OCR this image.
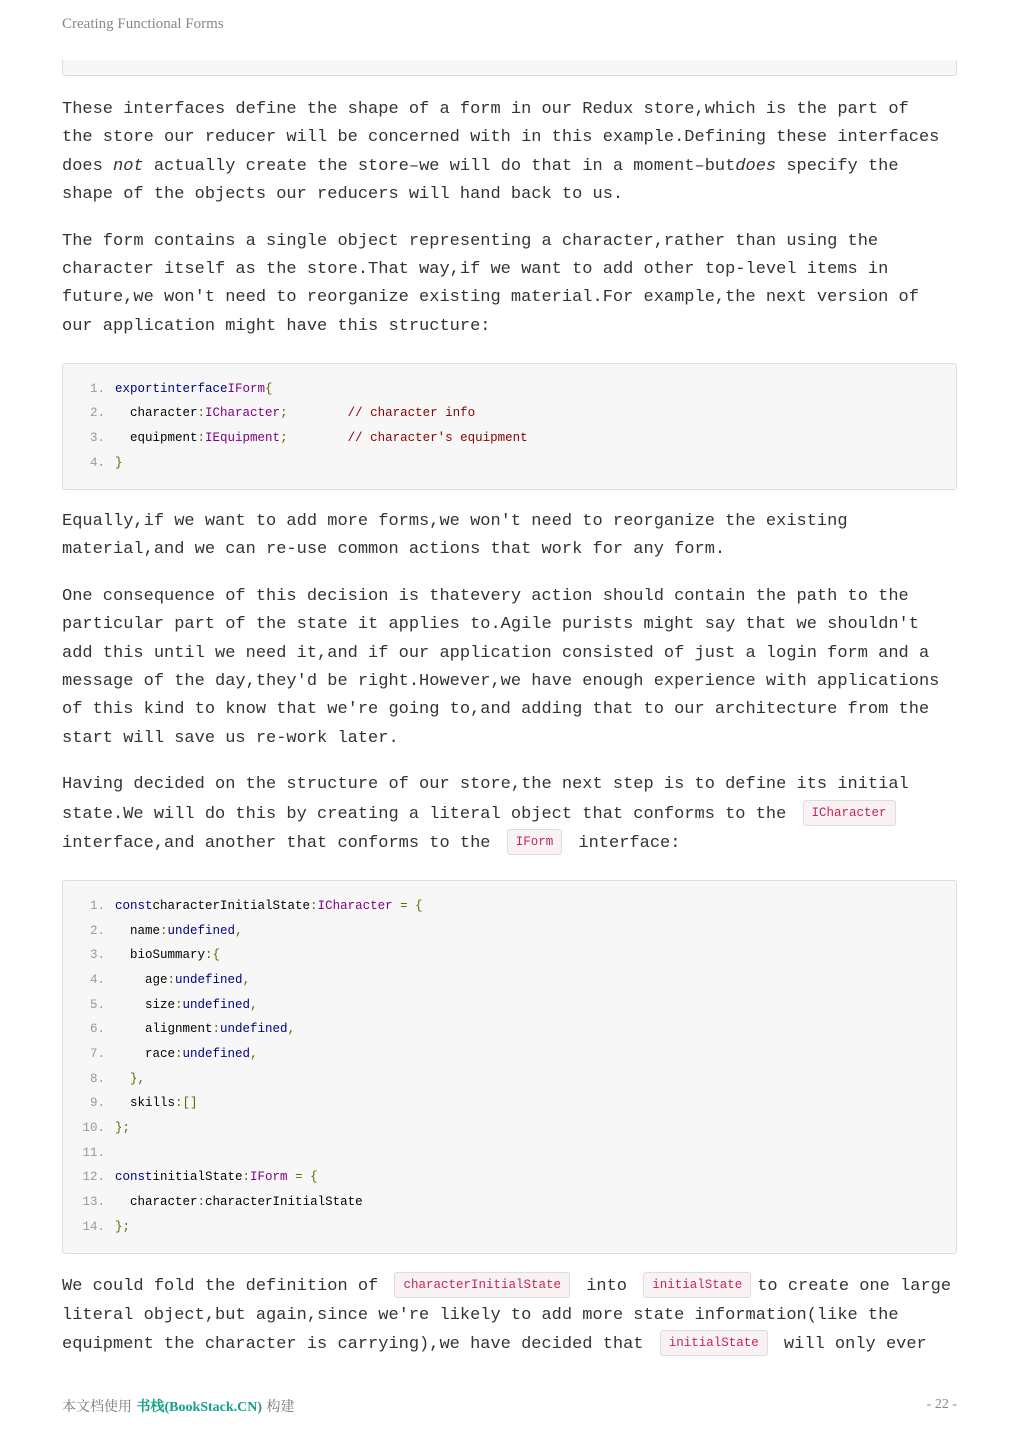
Creating Functional Forms

These interfaces define the shape of a form in our Redux store,which is the part of
the store our reducer will be concerned with in this example.Defining these interfaces
does not actually create the store–we will do that in a moment–butdoes specify the
shape of the objects our reducers will hand back to us.

The form contains a single object representing a character,rather than using the
character itself as the store.That way,if we want to add other top-level items in
future,we won't need to reorganize existing material.For example,the next version of
our application might have this structure:

1. export interface IForm {
2.
	character : ICharacter ;
	// character info
3.
	equipment : IEquipment ;
	// character's equipment
4. }

Equally,if we want to add more forms,we won't need to reorganize the existing
material,and we can re-use common actions that work for any form.

One consequence of this decision is thatevery action should contain the path to the
particular part of the state it applies to.Agile purists might say that we shouldn't
add this until we need it,and if our application consisted of just a login form and a
message of the day,they'd be right.However,we have enough experience with applications
of this kind to know that we're going to,and adding that to our architecture from the
start will save us re-work later.

Having decided on the structure of our store,the next step is to define its initial
state.We will do this by creating a literal object that conforms to the ICharacter
interface,and another that conforms to the IForm interface:

1. const characterInitialState : ICharacter = {
2.
	name : undefined ,
3.
	bioSummary : {
4.
	age : undefined ,
5.
	size : undefined ,
6.
	alignment : undefined ,
7.
	race : undefined ,
8.
	},
9.
	skills : []
10. };
11.
12. const initialState : IForm = {
13.
	character : characterInitialState
14. };

We could fold the definition of characterInitialState into initialState to create one large
literal object,but again,since we're likely to add more state information(like the
equipment the character is carrying),we have decided that initialState will only ever

本文档使用 书栈(BookStack.CN) 构建	- 22 -
